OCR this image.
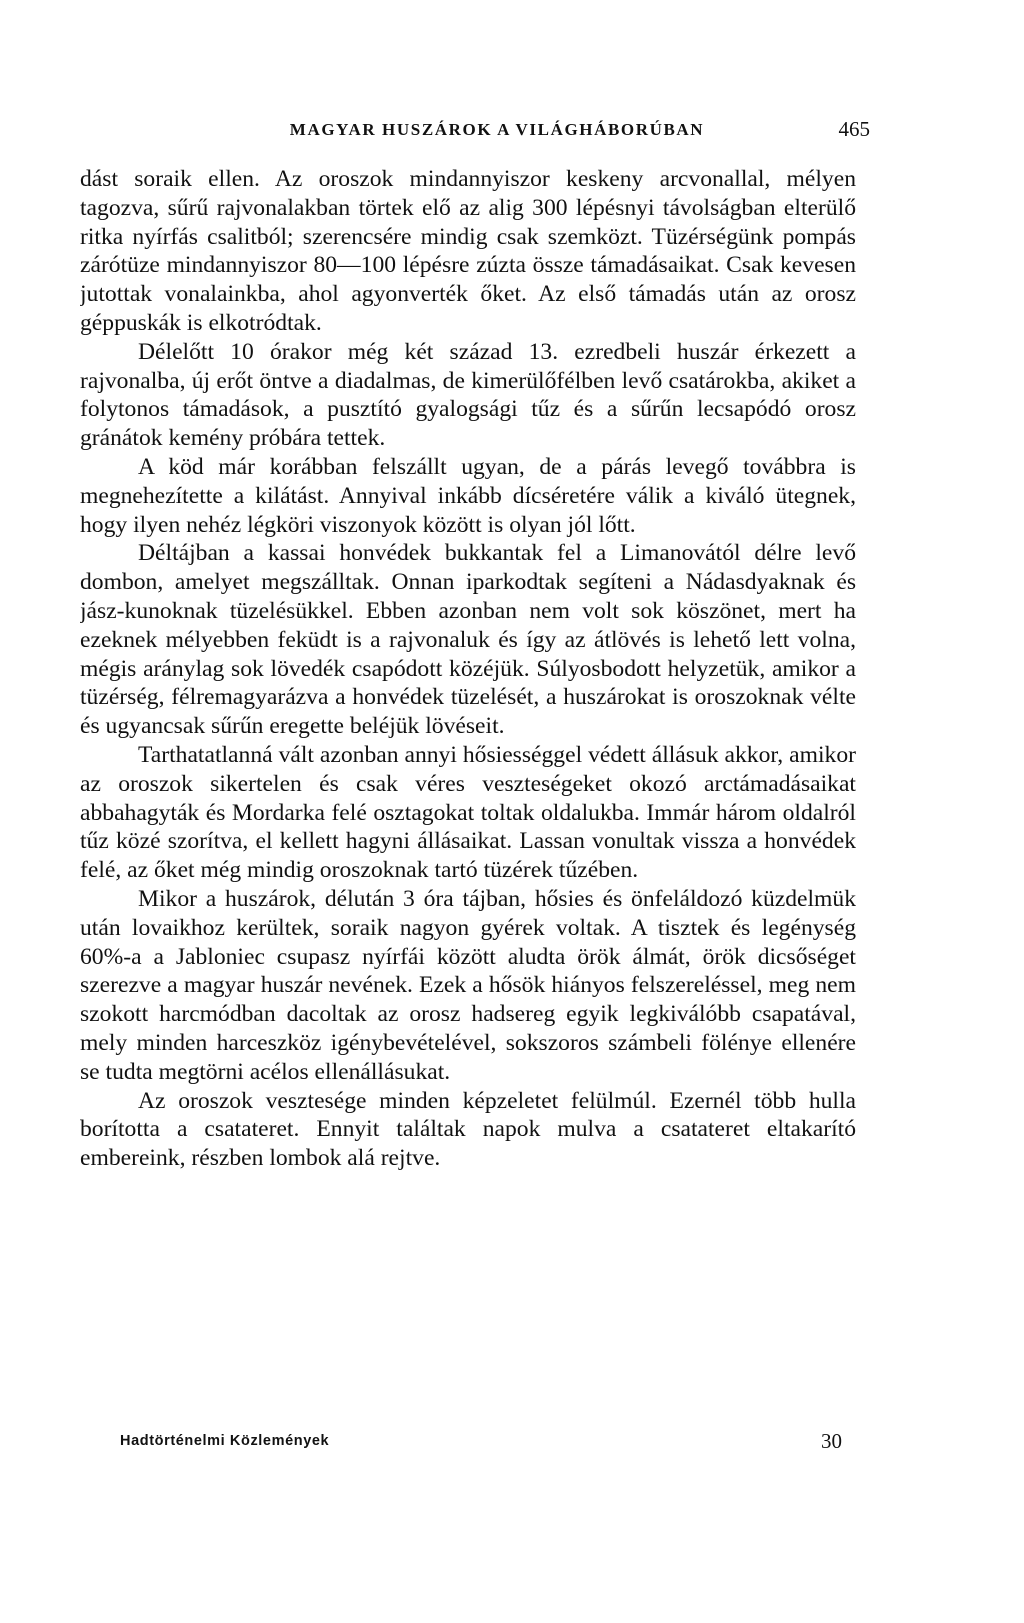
MAGYAR HUSZÁROK A VILÁGHÁBORÚBAN	465

dást soraik ellen. Az oroszok mindannyiszor keskeny arcvonallal, mélyen tagozva, sűrű rajvonalakban törtek elő az alig 300 lépésnyi távolságban elterülő ritka nyírfás csalitból; szerencsére mindig csak szemközt. Tüzérségünk pompás zárótüze mindannyiszor 80—100 lépésre zúzta össze támadásaikat. Csak kevesen jutottak vonalainkba, ahol agyonverték őket. Az első támadás után az orosz géppuskák is elkotródtak.

Délelőtt 10 órakor még két század 13. ezredbeli huszár érkezett a rajvonalba, új erőt öntve a diadalmas, de kimerülőfélben levő csatárokba, akiket a folytonos támadások, a pusztító gyalogsági tűz és a sűrűn lecsapódó orosz gránátok kemény próbára tettek.

A köd már korábban felszállt ugyan, de a párás levegő továbbra is megnehezítette a kilátást. Annyival inkább dícséretére válik a kiváló ütegnek, hogy ilyen nehéz légköri viszonyok között is olyan jól lőtt.

Déltájban a kassai honvédek bukkantak fel a Limanovától délre levő dombon, amelyet megszálltak. Onnan iparkodtak segíteni a Nádasdyaknak és jász-kunoknak tüzelésükkel. Ebben azonban nem volt sok köszönet, mert ha ezeknek mélyebben feküdt is a rajvonaluk és így az átlövés is lehető lett volna, mégis aránylag sok lövedék csapódott közéjük. Súlyosbodott helyzetük, amikor a tüzérség, félremagyarázva a honvédek tüzelését, a huszárokat is oroszoknak vélte és ugyancsak sűrűn eregette beléjük lövéseit.

Tarthatatlanná vált azonban annyi hősiességgel védett állásuk akkor, amikor az oroszok sikertelen és csak véres veszteségeket okozó arctámadásaikat abbahagyták és Mordarka felé osztagokat toltak oldalukba. Immár három oldalról tűz közé szorítva, el kellett hagyni állásaikat. Lassan vonultak vissza a honvédek felé, az őket még mindig oroszoknak tartó tüzérek tűzében.

Mikor a huszárok, délután 3 óra tájban, hősies és önfeláldozó küzdelmük után lovaikhoz kerültek, soraik nagyon gyérek voltak. A tisztek és legénység 60%-a a Jabloniec csupasz nyírfái között aludta örök álmát, örök dicsőséget szerezve a magyar huszár nevének. Ezek a hősök hiányos felszereléssel, meg nem szokott harcmódban dacoltak az orosz hadsereg egyik legkiválóbb csapatával, mely minden harceszköz igénybevételével, sokszoros számbeli fölénye ellenére se tudta megtörni acélos ellenállásukat.

Az oroszok vesztesége minden képzeletet felülmúl. Ezernél több hulla borította a csatateret. Ennyit találtak napok mulva a csatateret eltakarító embereink, részben lombok alá rejtve.

Hadtörténelmi Közlemények	30
